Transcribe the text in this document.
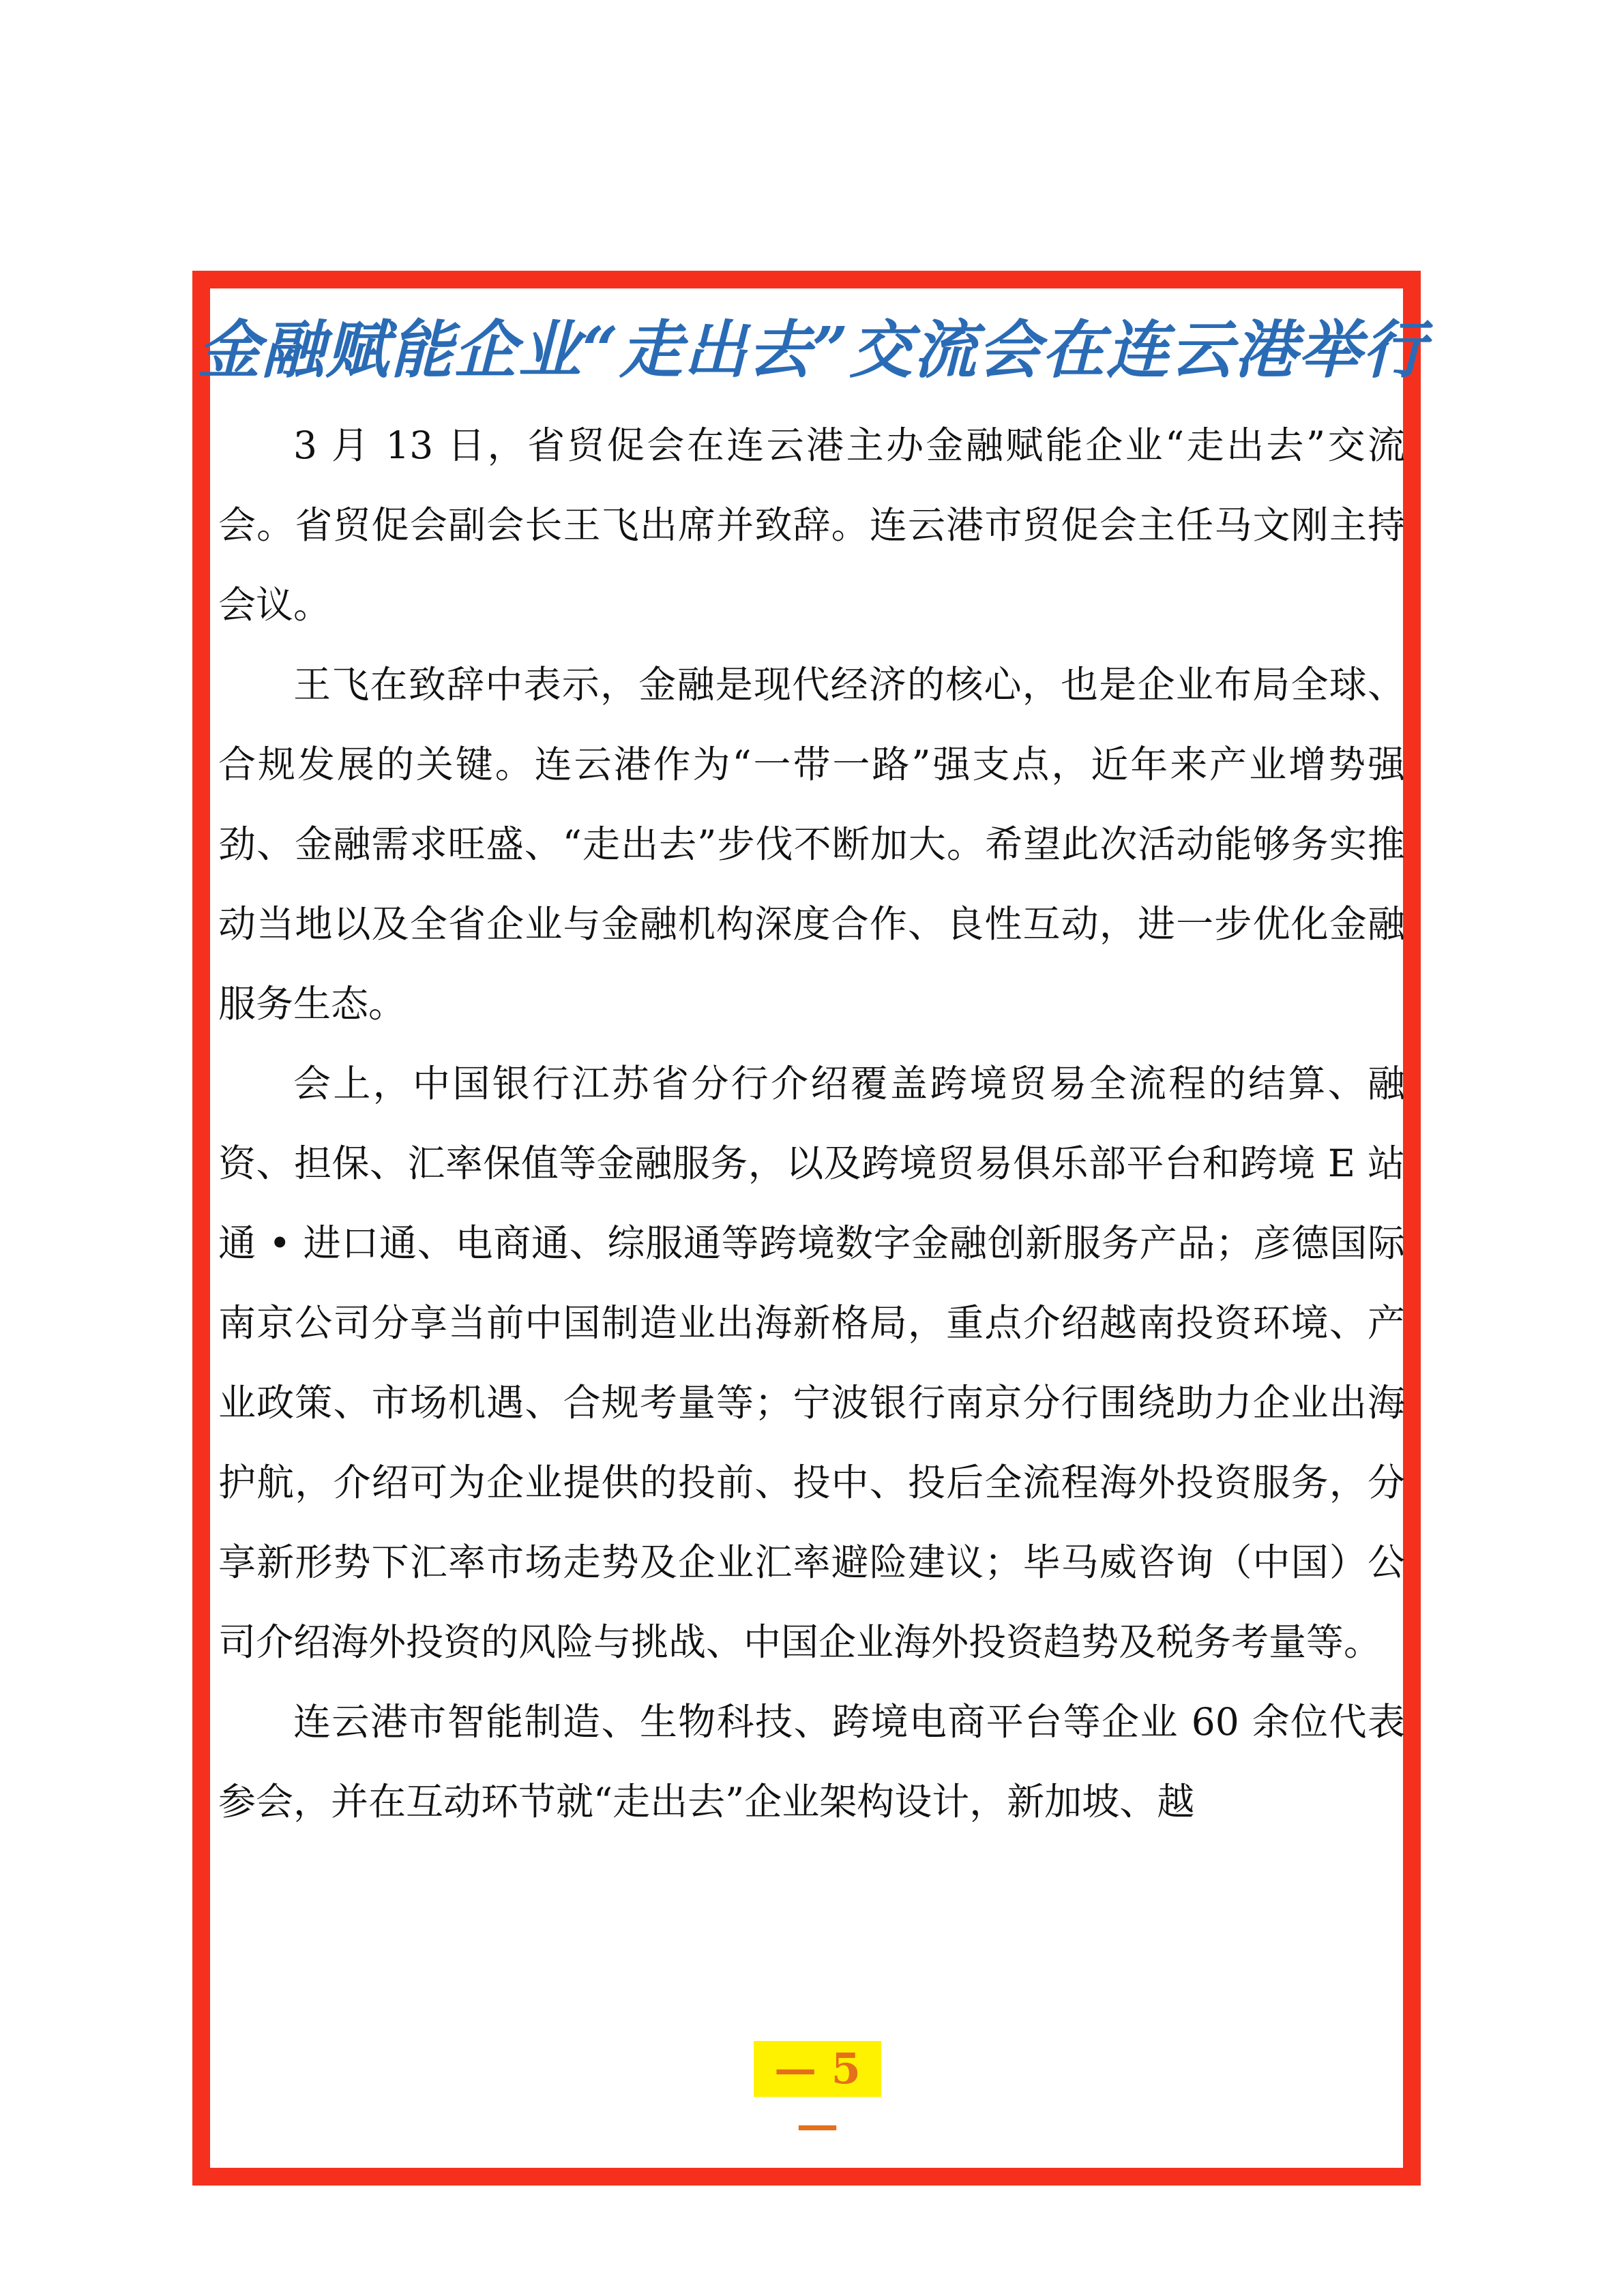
金融赋能企业“走出去”交流会在连云港举行

3 月 13 日，省贸促会在连云港主办金融赋能企业“走出去”交流会。省贸促会副会长王飞出席并致辞。连云港市贸促会主任马文刚主持会议。

王飞在致辞中表示，金融是现代经济的核心，也是企业布局全球、合规发展的关键。连云港作为“一带一路”强支点，近年来产业增势强劲、金融需求旺盛、“走出去”步伐不断加大。希望此次活动能够务实推动当地以及全省企业与金融机构深度合作、良性互动，进一步优化金融服务生态。

会上，中国银行江苏省分行介绍覆盖跨境贸易全流程的结算、融资、担保、汇率保值等金融服务，以及跨境贸易俱乐部平台和跨境 E 站通 • 进口通、电商通、综服通等跨境数字金融创新服务产品；彦德国际南京公司分享当前中国制造业出海新格局，重点介绍越南投资环境、产业政策、市场机遇、合规考量等；宁波银行南京分行围绕助力企业出海护航，介绍可为企业提供的投前、投中、投后全流程海外投资服务，分享新形势下汇率市场走势及企业汇率避险建议；毕马威咨询（中国）公司介绍海外投资的风险与挑战、中国企业海外投资趋势及税务考量等。

连云港市智能制造、生物科技、跨境电商平台等企业 60 余位代表参会，并在互动环节就“走出去”企业架构设计，新加坡、越

— 5 —
